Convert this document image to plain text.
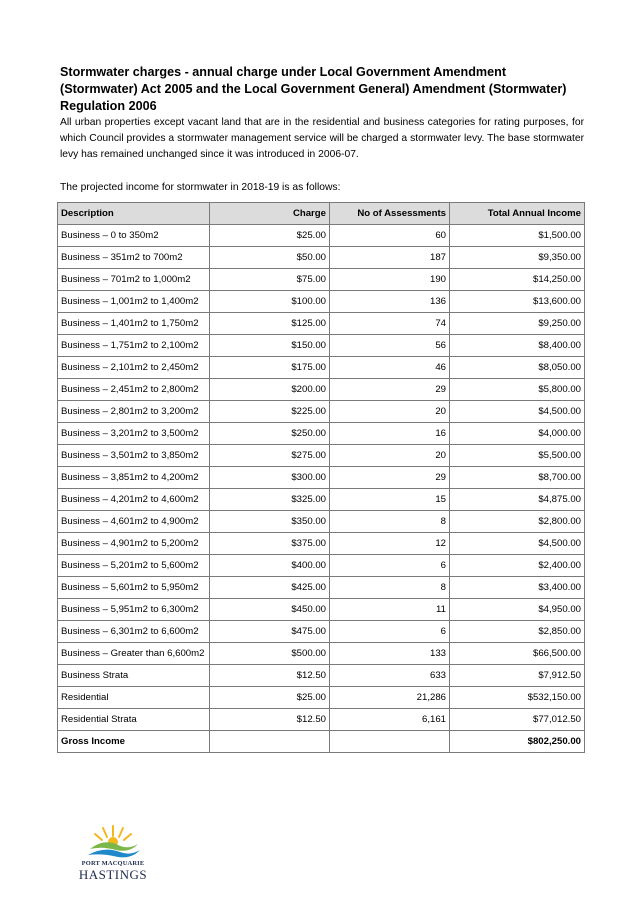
Stormwater charges - annual charge under Local Government Amendment (Stormwater) Act 2005 and the Local Government General) Amendment (Stormwater) Regulation 2006

All urban properties except vacant land that are in the residential and business categories for rating purposes, for which Council provides a stormwater management service will be charged a stormwater levy. The base stormwater levy has remained unchanged since it was introduced in 2006-07.

The projected income for stormwater in 2018-19 is as follows:

Description	Charge	No of Assessments	Total Annual Income
Business – 0 to 350m2	$25.00	60	$1,500.00
Business – 351m2 to 700m2	$50.00	187	$9,350.00
Business – 701m2 to 1,000m2	$75.00	190	$14,250.00
Business – 1,001m2 to 1,400m2	$100.00	136	$13,600.00
Business – 1,401m2 to 1,750m2	$125.00	74	$9,250.00
Business – 1,751m2 to 2,100m2	$150.00	56	$8,400.00
Business – 2,101m2 to 2,450m2	$175.00	46	$8,050.00
Business – 2,451m2 to 2,800m2	$200.00	29	$5,800.00
Business – 2,801m2 to 3,200m2	$225.00	20	$4,500.00
Business – 3,201m2 to 3,500m2	$250.00	16	$4,000.00
Business – 3,501m2 to 3,850m2	$275.00	20	$5,500.00
Business – 3,851m2 to 4,200m2	$300.00	29	$8,700.00
Business – 4,201m2 to 4,600m2	$325.00	15	$4,875.00
Business – 4,601m2 to 4,900m2	$350.00	8	$2,800.00
Business – 4,901m2 to 5,200m2	$375.00	12	$4,500.00
Business – 5,201m2 to 5,600m2	$400.00	6	$2,400.00
Business – 5,601m2 to 5,950m2	$425.00	8	$3,400.00
Business – 5,951m2 to 6,300m2	$450.00	11	$4,950.00
Business – 6,301m2 to 6,600m2	$475.00	6	$2,850.00
Business – Greater than 6,600m2	$500.00	133	$66,500.00
Business Strata	$12.50	633	$7,912.50
Residential	$25.00	21,286	$532,150.00
Residential Strata	$12.50	6,161	$77,012.50
Gross Income			$802,250.00
PORT MACQUARIE
HASTINGS
